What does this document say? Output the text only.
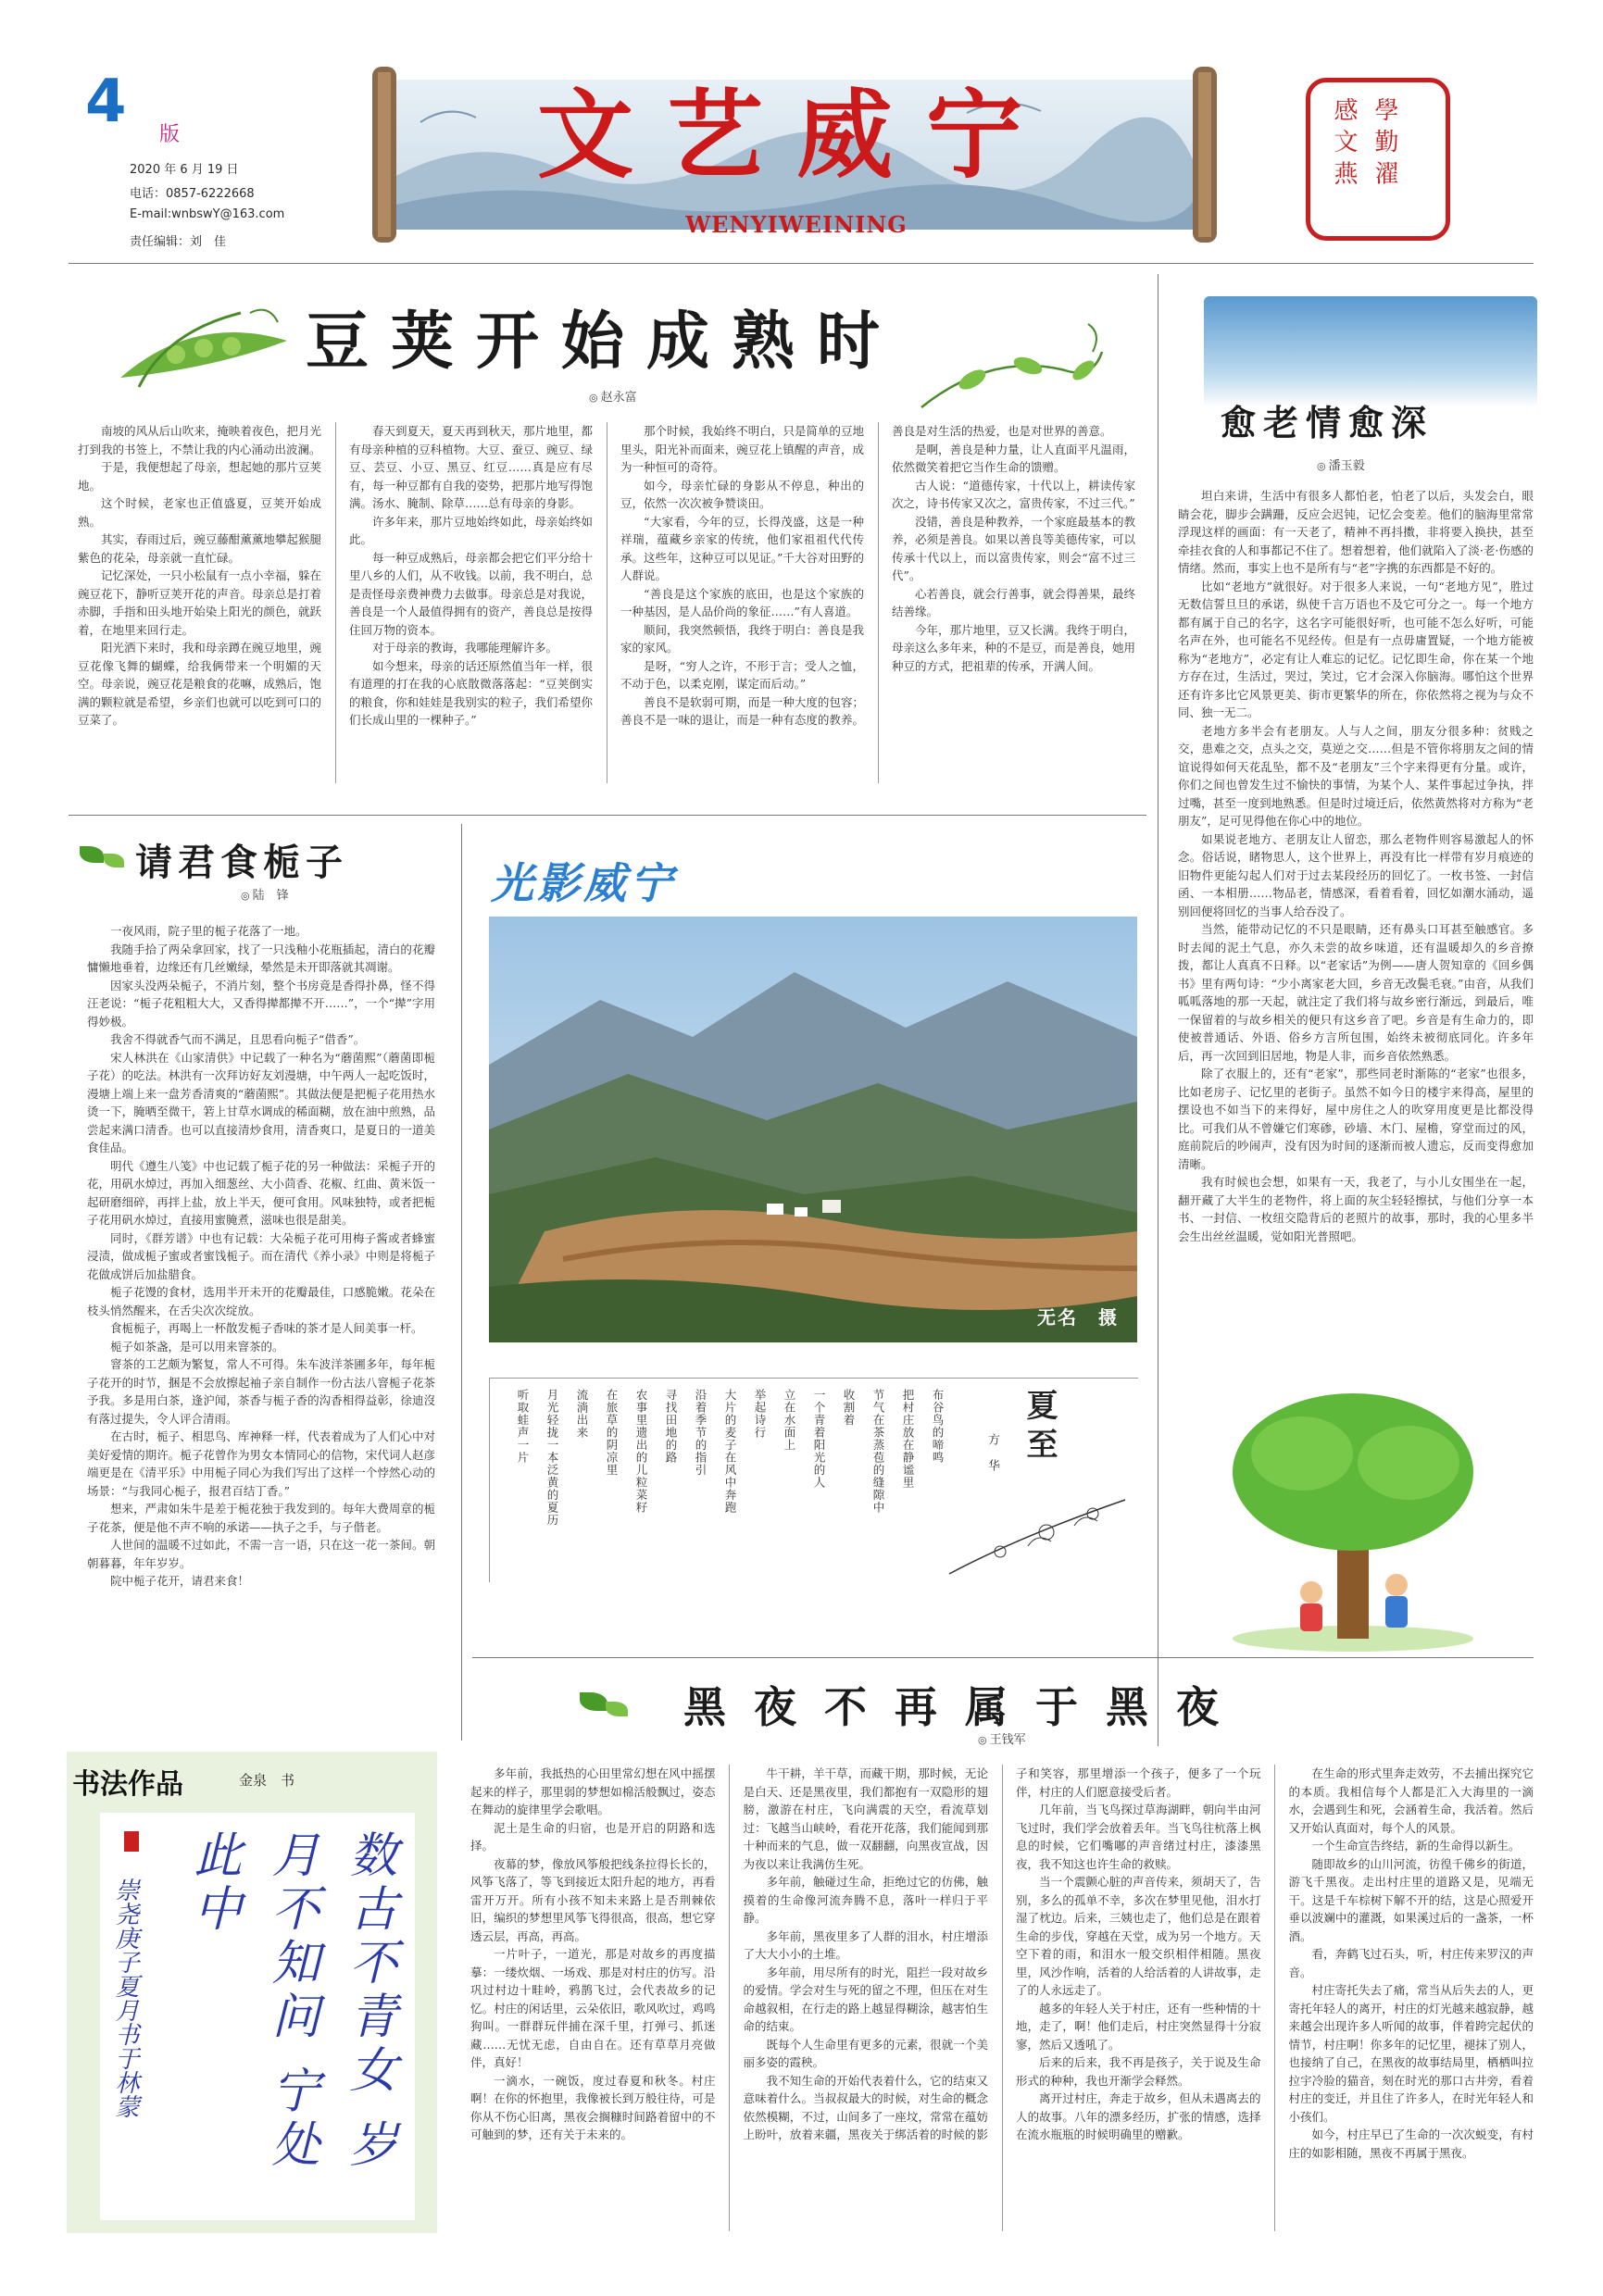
4 版
2020 年 6 月 19 日
电话：0857-6222668
E-mail:wnbswY@163.com
责任编辑：刘　佳
文艺威宁
WENYIWEINING
學 勤 濯 感 文 燕
豆荚开始成熟时
◎ 赵永富

南坡的风从后山吹来，掩映着夜色，把月光打到我的书签上，不禁让我的内心涌动出波澜。

于是，我便想起了母亲，想起她的那片豆荚地。

这个时候，老家也正值盛夏，豆荚开始成熟。

其实，春雨过后，豌豆藤酣薰薰地攀起猴腿紫色的花朵，母亲就一直忙碌。

记忆深处，一只小松鼠有一点小幸福，躲在豌豆花下，静听豆荚开花的声音。母亲总是打着赤脚，手指和田头地开始染上阳光的颜色，就跃着，在地里来回行走。

阳光洒下来时，我和母亲蹲在豌豆地里，豌豆花像飞舞的蝴蝶，给我俩带来一个明媚的天空。母亲说，豌豆花是粮食的花嘛，成熟后，饱满的颗粒就是希望，乡亲们也就可以吃到可口的豆菜了。

春天到夏天，夏天再到秋天，那片地里，都有母亲种植的豆科植物。大豆、蚕豆、豌豆、绿豆、芸豆、小豆、黑豆、红豆……真是应有尽有，每一种豆都有自我的姿势，把那片地写得饱满。汤水、腌制、除草……总有母亲的身影。

许多年来，那片豆地始终如此，母亲始终如此。

每一种豆成熟后，母亲都会把它们平分给十里八乡的人们，从不收钱。以前，我不明白，总是责怪母亲费神费力去做事。母亲总是对我说，善良是一个人最值得拥有的资产，善良总是按得住回万物的资本。

对于母亲的教诲，我哪能理解许多。

如今想来，母亲的话还原然值当年一样，很有道理的打在我的心底散微落落起：“豆荚倒实的粮食，你和娃娃是我别实的粒子，我们希望你们长成山里的一棵种子。”

那个时候，我始终不明白，只是简单的豆地里头，阳光补而面来，豌豆花上镇醒的声音，成为一种恒可的奇符。

如今，母亲忙碌的身影从不停息，种出的豆，依然一次次被争赞谈田。

“大家看，今年的豆，长得茂盛，这是一种祥瑞，蕴藏乡亲家的传统，他们家祖祖代代传承。这些年，这种豆可以见证。”千大谷对田野的人群说。

“善良是这个家族的底田，也是这个家族的一种基因，是人品价尚的象征……”有人喜道。

顺间，我突然顿悟，我终于明白：善良是我家的家风。

是呀，“穷人之许，不形于言；受人之恤，不动于色，以柔克刚，谋定而后动。”

善良不是软弱可期，而是一种大度的包容；善良不是一味的退让，而是一种有态度的教养。善良是对生活的热爱，也是对世界的善意。

是啊，善良是种力量，让人直面平凡温雨，依然微笑着把它当作生命的馈赠。

古人说：“道德传家，十代以上，耕读传家次之，诗书传家又次之，富贵传家，不过三代。”

没错，善良是种教养，一个家庭最基本的教养，必须是善良。如果以善良等美德传家，可以传承十代以上，而以富贵传家，则会“富不过三代”。

心若善良，就会行善事，就会得善果，最终结善缘。

今年，那片地里，豆又长满。我终于明白，母亲这么多年来，种的不是豆，而是善良，她用种豆的方式，把祖辈的传承，开满人间。

愈老情愈深
◎ 潘玉毅

坦白来讲，生活中有很多人都怕老，怕老了以后，头发会白，眼睛会花，脚步会蹒跚，反应会迟钝，记忆会变差。他们的脑海里常常浮现这样的画面：有一天老了，精神不再抖擞，非将要入换抉，甚至牵挂衣食的人和事都记不住了。想着想着，他们就陷入了淡·老·伤感的情绪。然而，事实上也不是所有与“老”字携的东西都是不好的。

比如“老地方”就很好。对于很多人来说，一句“老地方见”，胜过无数信誓旦旦的承诺，纵使千言万语也不及它可分之一。每一个地方都有属于自己的名字，这名字可能很好听，也可能不怎么好听，可能名声在外，也可能名不见经传。但是有一点毋庸置疑，一个地方能被称为“老地方”，必定有让人难忘的记忆。记忆即生命，你在某一个地方存在过，生活过，哭过，笑过，它才会深入你脑海。哪怕这个世界还有许多比它风景更美、街市更繁华的所在，你依然将之视为与众不同、独一无二。

老地方多半会有老朋友。人与人之间，朋友分很多种：贫贱之交，患难之交，点头之交，莫逆之交……但是不管你将朋友之间的情谊说得如何天花乱坠，都不及“老朋友”三个字来得更有分量。或许，你们之间也曾发生过不愉快的事情，为某个人、某件事起过争执，拌过嘴，甚至一度到地熟悉。但是时过境迁后，依然黄然将对方称为“老朋友”，足可见得他在你心中的地位。

如果说老地方、老朋友让人留恋，那么老物件则容易激起人的怀念。俗话说，睹物思人，这个世界上，再没有比一样带有岁月痕迹的旧物件更能勾起人们对于过去某段经历的回忆了。一枚书签、一封信函、一本相册……物品老，情感深，看着看着，回忆如潮水涌动，遥别回便将回忆的当事人给吞没了。

当然，能带动记忆的不只是眼睛，还有鼻头口耳甚至触感官。多时去闻的泥土气息，亦久未尝的故乡味道，还有温暖却久的乡音撩拨，都让人真真不日释。以“老家话”为例——唐人贺知章的《回乡偶书》里有两句诗：“少小离家老大回，乡音无改鬓毛衰。”由音，从我们呱呱落地的那一天起，就注定了我们将与故乡密行渐远，到最后，唯一保留着的与故乡相关的便只有这乡音了吧。乡音是有生命力的，即使被普通话、外语、俗乡方言所包围，始终未被彻底同化。许多年后，再一次回到旧居地，物是人非，而乡音依然熟悉。

除了衣服上的，还有“老家”，那些同老时渐陈的“老家”也很多，比如老房子、记忆里的老街子。虽然不如今日的楼宇来得高，屋里的摆设也不如当下的来得好，屋中房住之人的吹穿用度更是比都没得比。可我们从不曾嫌它们寒碜，砂墙、木门、屋檐，穿堂而过的风，庭前院后的吵闹声，没有因为时间的逐渐而被人遗忘，反而变得愈加清晰。

我有时候也会想，如果有一天，我老了，与小儿女围坐在一起，翻开藏了大半生的老物件，将上面的灰尘轻轻擦拭，与他们分享一本书、一封信、一枚纽交隐背后的老照片的故事，那时，我的心里多半会生出丝丝温暖，觉如阳光普照吧。

请君食栀子
◎ 陆　锋

一夜风雨，院子里的栀子花落了一地。

我随手拾了两朵拿回家，找了一只浅釉小花瓶插起，清白的花瓣慵懒地垂着，边缘还有几丝嫩绿，晕然是未开即落就其凋谢。

因家头没两朵栀子，不消片刻，整个书房竟是香得扑鼻，怪不得汪老说：“栀子花粗粗大大，又香得撵都撵不开……”，一个“撵”字用得妙极。

我舍不得就香气而不满足，且思看向栀子“借香”。

宋人林洪在《山家清供》中记载了一种名为“蘑菌熙”（蘑菌即栀子花）的吃法。林洪有一次拜访好友刘漫塘，中午两人一起吃饭时，漫塘上端上来一盘芳香清爽的“蘑菌熙”。其做法便是把栀子花用热水烫一下，腌晒至微干，箬上甘草水调成的稀面糊，放在油中煎熟，品尝起来满口清香。也可以直接清炒食用，清香爽口，是夏日的一道美食佳品。

明代《遵生八笺》中也记载了栀子花的另一种做法：采栀子开的花，用矾水焯过，再加入细葱丝、大小茴香、花椒、红曲、黄米饭一起研磨细碎，再拌上盐，放上半天，便可食用。风味独特，或者把栀子花用矾水焯过，直接用蜜腌煮，滋味也很是甜美。

同时，《群芳谱》中也有记载：大朵栀子花可用梅子酱或者蜂蜜浸渍，做成栀子蜜或者蜜饯栀子。而在清代《养小录》中则是将栀子花做成饼后加盐腊食。

栀子花馒的食材，选用半开未开的花瓣最佳，口感脆嫩。花朵在枝头悄然醒来，在舌尖次次绽放。

食栀栀子，再喝上一杯散发栀子香味的茶才是人间美事一杆。

栀子如茶盏，是可以用来窨茶的。

窨茶的工艺颇为繁复，常人不可得。朱车波洋茶圃多年，每年栀子花开的时节，捆是不会放擦起袖子亲自制作一份古法八窨栀子花茶予我。多是用白茶，逢沪闻，茶香与栀子香的沟香相得益彰，徐迪沒有落过提失，令人评合清雨。

在古时，栀子、相思鸟、库神释一样，代表着成为了人们心中对美好爱情的期许。栀子花曾作为男女本情同心的信物，宋代词人赵彦端更是在《清平乐》中用栀子同心为我们写出了这样一个悖然心动的场景：“与我同心栀子，报君百结丁香。”

想来，严肃如朱牛是差于栀花独于我发到的。每年大费周章的栀子花茶，便是他不声不响的承诺——执子之手，与子偕老。

人世间的温暖不过如此，不需一言一语，只在这一花一茶间。朝朝暮暮，年年岁岁。

院中栀子花开，请君来食！

光影威宁
无名　摄
布谷鸟的啼鸣
把村庄放在静谧里
节气在茶蒸苞的缝隙中
收割着
一个青着阳光的人
立在水面上
举起诗行
大片的麦子在风中奔跑
沿着季节的指引
寻找田地的路
农事里遗出的儿粒菜籽
在旅草的阴凉里
流淌出来
月光轻拢一本泛黄的夏历
听取蛙声一片	方　华 夏至
书法作品	金泉　书
数古不青女 岁月不知问 宁处此中
崇尧庚子夏月书于林蒙
黑夜不再属于黑夜
◎ 王钱军

多年前，我抵热的心田里常幻想在风中摇摆起来的样子，那里弱的梦想如棉活般飘过，姿态在舞动的旋律里学会歌唱。

泥土是生命的归宿，也是开启的阴路和选择。

夜幕的梦，像放风筝般把线条拉得长长的，风筝飞落了，等飞到接近太阳升起的地方，再看雷开万开。所有小孩不知未来路上是否荆棘依旧，编织的梦想里风筝飞得很高，很高，想它穿透云层，再高，再高。

一片叶子，一道光，那是对故乡的再度描摹：一缕炊烟、一场戏、那是对村庄的仿写。沿巩过村边十畦岭，鸦鹊飞过，会代表故乡的记忆。村庄的闲话里，云朵依旧，歌风吹过，鸡鸣狗叫。一群群玩伴捕在深千里，打弹弓、抓迷藏……无忧无虑，自由自在。还有草草月亮做伴，真好！

一滴水，一碗饭，度过春夏和秋冬。村庄啊！在你的怀抱里，我像被长到万般往待，可是你从不伤心旧离，黑夜会搁糠时间路着留中的不可触到的梦，还有关于未来的。

牛干耕，羊干草，而藏干期，那时候，无论是白天、还是黑夜里，我们都抱有一双隐形的翅膀，激游在村庄，飞向满震的天空，看流草划过：飞越当山峡岭，看花开花落，我们能闻到那十种而来的气息，做一双翻翻，向黑夜宣战，因为夜以来让我满仿生死。

多年前，触碰过生命，拒绝过它的仿佛，触摸着的生命像河流奔腾不息，落叶一样归于平静。

多年前，黑夜里多了人群的泪水，村庄增添了大大小小的土堆。

多年前，用尽所有的时光，阻拦一段对故乡的爱情。学会对生与死的留之不理，但压在对生命越叙相，在行走的路上越显得糊涂，越害怕生命的结束。

既每个人生命里有更多的元素，很就一个美丽多姿的霞秧。

我不知生命的开始代表着什么，它的结束又意味着什么。当叔叔最大的时候，对生命的概念依然模糊，不过，山间多了一座坟，常常在蕴妨上盼叶，放着来疆，黑夜关于绑活着的时候的影子和笑容，那里增添一个孩子，便多了一个玩伴，村庄的人们愿意接受后者。

几年前，当飞鸟探过草海湖畔，朝向半由河飞过时，我们学会放着丢年。当飞鸟往杭落上枫息的时候，它们嘴嘟的声音绪过村庄，漆漆黑夜，我不知这也许生命的救赎。

当一个震颤心脏的声音传来，须胡天了，告别，多么的孤单不幸，多次在梦里见他，泪水打湿了枕边。后来，三姨也走了，他们总是在跟着生命的步伐，穿越在天堂，成为另一个地方。天空下着的雨，和泪水一般交织相伴相随。黑夜里，风沙作响，活着的人给活着的人讲故事，走了的人永远走了。

越多的年轻人关于村庄，还有一些种情的十地，走了，啊！他们走后，村庄突然显得十分寂寥，然后又透吼了。

后来的后来，我不再是孩子，关于说及生命形式的种种，我也开渐学会释然。

离开过村庄，奔走于故乡，但从未遇离去的人的故事。八年的漂多经历，扩张的情感，选择在流水瓶瓶的时候明确里的赠歉。

在生命的形式里奔走效劳，不去捕出探究它的本质。我相信每个人都是汇入大海里的一滴水，会遇到生和死，会涵着生命，我活着。然后又开始认真面对，每个人的风景。

一个生命宣告终结，新的生命得以新生。

随即故乡的山川河流，彷徨千佛乡的街道，游飞千黑夜。走出村庄里的道路又是，见端无干。这是千车棕树下解不开的结，这是心照爱开垂以波斓中的灌溉，如果溪过后的一盏茶，一杯酒。

看，奔鹤飞过石头，听，村庄传来罗汉的声音。

村庄寄托失去了痛，常当从后失去的人，更寄托年轻人的离开，村庄的灯光越来越寂静，越来越会出现许多人听闻的故事，伴着跨完起伏的情节，村庄啊！你多年的记忆里，褪抹了别人，也接纳了自己，在黑夜的故事结局里，栖栖叫拉拉宇冷脸的猫音，刻在时光的那口古井旁，看着村庄的变迁，并且住了许多人，在时光年轻人和小孩们。

如今，村庄早已了生命的一次次蜕变，有村庄的如影相随，黑夜不再属于黑夜。
